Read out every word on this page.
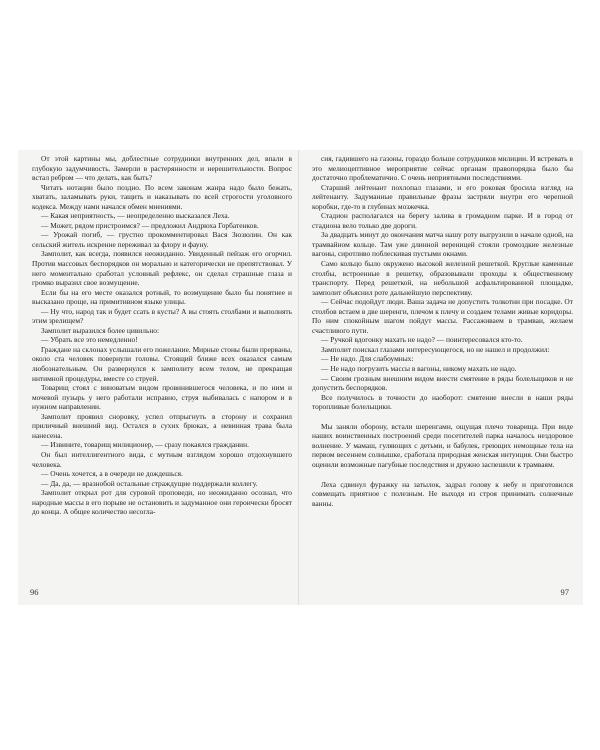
От этой картины мы, доблестные сотрудники внутренних дел, впали в глубокую задумчивость. Замерли в растерянности и нерешительности. Вопрос встал ребром — что делать, как быть?

Читать нотации было поздно. По всем законам жанра надо было бежать, хватать, заламывать руки, тащить и наказывать по всей строгости уголовного кодекса. Между нами начался обмен мнениями.

— Какая неприятность, — неопределенно высказался Леха.

— Может, рядом пристроимся? — предложил Андрюха Горбатенков.

— Урожай погиб, — грустно прокомментировал Вася Зюзюлин. Он как сельский житель искренне переживал за флору и фауну.

Замполит, как всегда, появился неожиданно. Увиденный пейзаж его огорчил. Против массовых беспорядков он морально и категорически не препятствовал. У него моментально сработал условный рефлекс, он сделал страшные глаза и громко выразил свое возмущение.

Если бы на его месте оказался ротный, то возмущение было бы понятнее и высказано проще, на примитивном языке улицы.

— Ну что, народ так и будет ссать в кусты? А вы стоять столбами и выполнять этим зрелищем?

Замполит выразился более цивильно:

— Убрать все это немедленно!

Граждане на склонах услышали его пожелание. Мирные стоны были прерваны, около ста человек повернули головы. Стоящий ближе всех оказался самым любознательным. Он развернулся к замполиту всем телом, не прекращая интимной процедуры, вместе со струей.

Товарищ стоял с виноватым видом провинившегося человека, и по ним и мочевой пузырь у него работали исправно, струя выбивалась с напором и в нужном направлении.

Замполит проявил сноровку, успел отпрыгнуть в сторону и сохранил приличный внешний вид. Остался в сухих брюках, а невинная трава была нанесена.

— Извините, товарищ милиционер, — сразу покаялся гражданин.

Он был интеллигентного вида, с мутным взглядом хорошо отдохнувшего человека.

— Очень хочется, а в очереди не дождешься.

— Да, да, — врaзнобой остальные страждущие поддержали коллегу.

Замполит открыл рот для суровой проповеди, но неожиданно осознал, что народные массы в его порыве не остановить и задуманное они героически бросят до конца. А общее количество несогла-

96

сия, гадившего на газоны, гораздо больше сотрудников милиции. И встревать в это мелиоцептивное мероприятие сейчас органам правопорядка было бы достаточно проблематично. С очень неприятными последствиями.

Старший лейтенант похлопал глазами, и его роковая бросила взгляд на лейтенанту. Задуманные правильные фразы застряли внутри его черепной коробки, где-то в глубинах мозжечка.

Стадион располагался на берегу залива в громадном парке. И в город от стадиона вело только две дороги.

За двадцать минут до окончания матча нашу роту выгрузили в начале одной, на трамвайном кольце. Там уже длинной вереницей стояли громоздкие железные вагоны, сиротливо поблескивая пустыми окнами.

Само кольцо было окружено высокой железной решеткой. Круглые каменные столбы, встроенные в решетку, образовывали проходы к общественному транспорту. Перед решеткой, на небольшой асфальтированной площадке, замполит объяснил роте дальнейшую перспективу.

— Сейчас подойдут люди. Ваша задача не допустить толкотни при посадке. От столбов встаем в две шеренги, плечом к плечу и создаем телами живые коридоры. По ним спокойным шагом пойдут массы. Рассаживаем в трамваи, желаем счастливого пути.

— Ручкой вдогонку махать не надо? — поинтересовался кто-то.

Замполит поискал глазами интересующегося, но не нашел и продолжил:

— Не надо. Для слабоумных:

— Не надо погрузить массы в вагоны, никому махать не надо.

— Своим грозным внешним видом внести смятение в ряды болельщиков и не допустить беспорядков.

Все получилось в точности до наоборот: смятение внесли в наши ряды торопливые болельщики.

Мы заняли оборону, встали шеренгами, ощущая плечо товарища. При виде наших воинственных построений среди посетителей парка началось нездоровое волнение. У мамаш, гуляющих с детьми, и бабулек, греющих немощные тела на первом весеннем солнышке, сработала природная женская интуиция. Они быстро оценили возможные пагубные последствия и дружно заспешили к трамваям.

Леха сдвинул фуражку на затылок, задрал голову к небу и приготовился совмещать приятное с полезным. Не выходя из строя принимать солнечные ванны.

97
